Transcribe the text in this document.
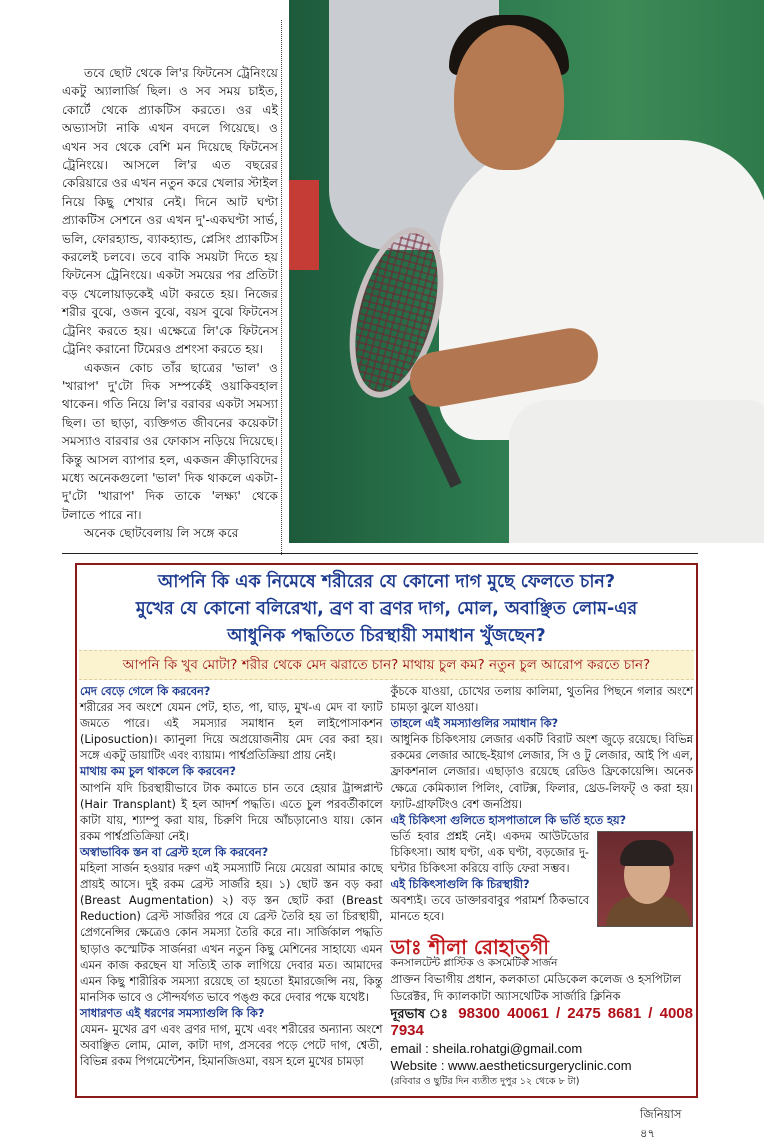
তবে ছোট থেকে লি'র ফিটনেস ট্রেনিংয়ে একটু অ্যালার্জি ছিল। ও সব সময় চাইত, কোর্টে থেকে প্র্যাকটিস করতে। ওর এই অভ্যাসটা নাকি এখন বদলে গিয়েছে। ও এখন সব থেকে বেশি মন দিয়েছে ফিটনেস ট্রেনিংয়ে। আসলে লি'র এত বছরের কেরিয়ারে ওর এখন নতুন করে খেলার স্টাইল নিয়ে কিছু শেখার নেই। দিনে আট ঘণ্টা প্র্যাকটিস সেশনে ওর এখন দু'-একঘণ্টা সার্ভ, ভলি, ফোরহ্যান্ড, ব্যাকহ্যান্ড, প্লেসিং প্র্যাকটিস করলেই চলবে। তবে বাকি সময়টা দিতে হয় ফিটনেস ট্রেনিংয়ে। একটা সময়ের পর প্রতিটা বড় খেলোয়াড়কেই এটা করতে হয়। নিজের শরীর বুঝে, ওজন বুঝে, বয়স বুঝে ফিটনেস ট্রেনিং করতে হয়। এক্ষেত্রে লি'কে ফিটনেস ট্রেনিং করানো টিমেরও প্রশংসা করতে হয়।

একজন কোচ তাঁর ছাত্রের 'ভাল' ও 'খারাপ' দু'টো দিক সম্পর্কেই ওয়াকিবহাল থাকেন। গতি নিয়ে লি'র বরাবর একটা সমস্যা ছিল। তা ছাড়া, ব্যক্তিগত জীবনের কয়েকটা সমস্যাও বারবার ওর ফোকাস নড়িয়ে দিয়েছে। কিন্তু আসল ব্যাপার হল, একজন ক্রীড়াবিদের মধ্যে অনেকগুলো 'ভাল' দিক থাকলে একটা-দু'টো 'খারাপ' দিক তাকে 'লক্ষ্য' থেকে টলাতে পারে না।

অনেক ছোটবেলায় লি সঙ্গে করে

আপনি কি এক নিমেষে শরীরের যে কোনো দাগ মুছে ফেলতে চান?
মুখের যে কোনো বলিরেখা, ব্রণ বা ব্রণর দাগ, মোল, অবাঞ্ছিত লোম-এর
আধুনিক পদ্ধতিতে চিরস্থায়ী সমাধান খুঁজছেন?
আপনি কি খুব মোটা? শরীর থেকে মেদ ঝরাতে চান? মাথায় চুল কম? নতুন চুল আরোপ করতে চান?
মেদ বেড়ে গেলে কি করবেন?
শরীরের সব অংশে যেমন পেট, হাত, পা, ঘাড়, মুখ-এ মেদ বা ফ্যাট জমতে পারে। এই সমস্যার সমাধান হল লাইপোসাকশন (Liposuction)। ক্যানুলা দিয়ে অপ্রয়োজনীয় মেদ বের করা হয়। সঙ্গে একটু ডায়াটিং এবং ব্যায়াম। পার্শ্বপ্রতিক্রিয়া প্রায় নেই।
মাথায় কম চুল থাকলে কি করবেন?
আপনি যদি চিরস্থায়ীভাবে টাক কমাতে চান তবে হেয়ার ট্রান্সপ্লান্ট (Hair Transplant) ই হল আদর্শ পদ্ধতি। এতে চুল পরবর্তীকালে কাটা যায়, শ্যাম্পু করা যায়, চিরুণি দিয়ে আঁচড়ানোও যায়। কোন রকম পার্শ্বপ্রতিক্রিয়া নেই।
অস্বাভাবিক স্তন বা ব্রেস্ট হলে কি করবেন?
মহিলা সার্জন হওয়ার দরুণ এই সমস্যাটি নিয়ে মেয়েরা আমার কাছে প্রায়ই আসে। দুই রকম ব্রেস্ট সার্জরি হয়। ১) ছোট স্তন বড় করা (Breast Augmentation) ২) বড় স্তন ছোট করা (Breast Reduction) ব্রেস্ট সার্জরির পরে যে ব্রেস্ট তৈরি হয় তা চিরস্থায়ী, প্রেগনেন্সির ক্ষেত্রেও কোন সমস্যা তৈরি করে না। সার্জিকাল পদ্ধতি ছাড়াও কস্মেটিক সার্জনরা এখন নতুন কিছু মেশিনের সাহায্যে এমন এমন কাজ করছেন যা সত্যিই তাক লাগিয়ে দেবার মত। আমাদের এমন কিছু শারীরিক সমস্যা রয়েছে তা হয়তো ইমারজেন্সি নয়, কিন্তু মানসিক ভাবে ও সৌন্দর্যগত ভাবে পঙ্গু করে দেবার পক্ষে যথেষ্ট।
সাধারণত এই ধরণের সমস্যাগুলি কি কি?
যেমন- মুখের ব্রণ এবং ব্রণর দাগ, মুখে এবং শরীরের অন্যান্য অংশে অবাঞ্ছিত লোম, মোল, কাটা দাগ, প্রসবের পড়ে পেটে দাগ, শ্বেতী, বিভিন্ন রকম পিগমেন্টেশন, হিমানজিওমা, বয়স হলে মুখের চামড়া
কুঁচকে যাওয়া, চোখের তলায় কালিমা, থুতনির পিছনে গলার অংশে চামড়া ঝুলে যাওয়া।
তাহলে এই সমস্যাগুলির সমাধান কি?
আধুনিক চিকিৎসায় লেজার একটি বিরাট অংশ জুড়ে রয়েছে। বিভিন্ন রকমের লেজার আছে-ইয়াগ লেজার, সি ও টু লেজার, আই পি এল, ফ্রাকশনাল লেজার। এছাড়াও রয়েছে রেডিও ফ্রিকোয়েন্সি। অনেক ক্ষেত্রে কেমিক্যাল পিলিং, বোটক্স, ফিলার, থ্রেড-লিফট্ ও করা হয়। ফ্যাট-গ্রাফটিংও বেশ জনপ্রিয়।
এই চিকিৎসা গুলিতে হাসপাতালে কি ভর্তি হতে হয়?
ভর্তি হবার প্রশ্নই নেই। একদম আউটডোর চিকিৎসা। আধ ঘণ্টা, এক ঘণ্টা, বড়জোর দু-ঘন্টার চিকিৎসা করিয়ে বাড়ি ফেরা সম্ভব।
এই চিকিৎসাগুলি কি চিরস্থায়ী?
অবশ্যই। তবে ডাক্তারবাবুর পরামর্শ ঠিকভাবে মানতে হবে।
ডাঃ শীলা রোহাত্গী
কনসালটেন্ট প্লাস্টিক ও কসমেটিক সার্জন
প্রাক্তন বিভাগীয় প্রধান, কলকাতা মেডিকেল কলেজ ও হসপিটাল
ডিরেক্টর, দি ক্যালকাটা অ্যাসথেটিক সার্জারি ক্লিনিক
দূরভাষ ঃ 98300 40061 / 2475 8681 / 4008 7934
email : sheila.rohatgi@gmail.com
Website : www.aestheticsurgeryclinic.com
(রবিবার ও ছুটির দিন ব্যতীত দুপুর ১২ থেকে ৮ টা)
জিনিয়াস ৪৭
